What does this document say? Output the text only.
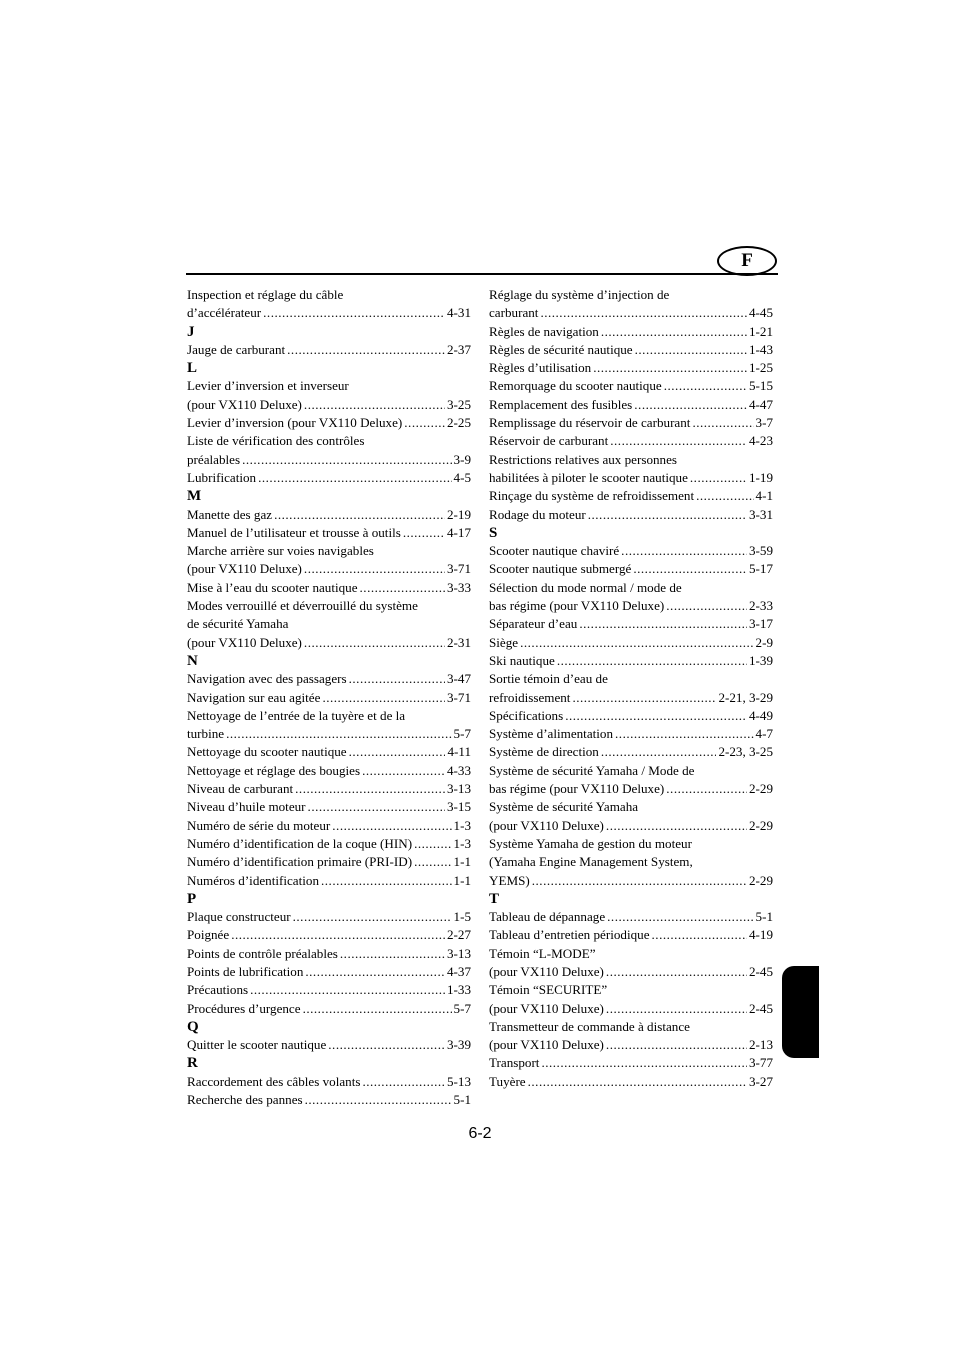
F
Inspection et réglage du câble
d’accélérateur .....	4-31
J
Jauge de carburant .....	2-37
L
Levier d’inversion et inverseur
(pour VX110 Deluxe) .....	3-25
Levier d’inversion (pour VX110 Deluxe) .....	2-25
Liste de vérification des contrôles
préalables .....	3-9
Lubrification .....	4-5
M
Manette des gaz .....	2-19
Manuel de l’utilisateur et trousse à outils .....	4-17
Marche arrière sur voies navigables
(pour VX110 Deluxe) .....	3-71
Mise à l’eau du scooter nautique .....	3-33
Modes verrouillé et déverrouillé du système
de sécurité Yamaha
(pour VX110 Deluxe) .....	2-31
N
Navigation avec des passagers .....	3-47
Navigation sur eau agitée .....	3-71
Nettoyage de l’entrée de la tuyère et de la
turbine .....	5-7
Nettoyage du scooter nautique .....	4-11
Nettoyage et réglage des bougies .....	4-33
Niveau de carburant .....	3-13
Niveau d’huile moteur .....	3-15
Numéro de série du moteur .....	1-3
Numéro d’identification de la coque (HIN) .....	1-3
Numéro d’identification primaire (PRI-ID) .....	1-1
Numéros d’identification .....	1-1
P
Plaque constructeur .....	1-5
Poignée .....	2-27
Points de contrôle préalables .....	3-13
Points de lubrification .....	4-37
Précautions .....	1-33
Procédures d’urgence .....	5-7
Q
Quitter le scooter nautique .....	3-39
R
Raccordement des câbles volants .....	5-13
Recherche des pannes .....	5-1
Réglage du système d’injection de
carburant .....	4-45
Règles de navigation .....	1-21
Règles de sécurité nautique .....	1-43
Règles d’utilisation .....	1-25
Remorquage du scooter nautique .....	5-15
Remplacement des fusibles .....	4-47
Remplissage du réservoir de carburant .....	3-7
Réservoir de carburant .....	4-23
Restrictions relatives aux personnes
habilitées à piloter le scooter nautique .....	1-19
Rinçage du système de refroidissement .....	4-1
Rodage du moteur .....	3-31
S
Scooter nautique chaviré .....	3-59
Scooter nautique submergé .....	5-17
Sélection du mode normal / mode de
bas régime (pour VX110 Deluxe) .....	2-33
Séparateur d’eau .....	3-17
Siège .....	2-9
Ski nautique .....	1-39
Sortie témoin d’eau de
refroidissement .....	2-21, 3-29
Spécifications .....	4-49
Système d’alimentation .....	4-7
Système de direction .....	2-23, 3-25
Système de sécurité Yamaha / Mode de
bas régime (pour VX110 Deluxe) .....	2-29
Système de sécurité Yamaha
(pour VX110 Deluxe) .....	2-29
Système Yamaha de gestion du moteur
(Yamaha Engine Management System,
YEMS) .....	2-29
T
Tableau de dépannage .....	5-1
Tableau d’entretien périodique .....	4-19
Témoin “L-MODE”
(pour VX110 Deluxe) .....	2-45
Témoin “SECURITE”
(pour VX110 Deluxe) .....	2-45
Transmetteur de commande à distance
(pour VX110 Deluxe) .....	2-13
Transport .....	3-77
Tuyère .....	3-27
6-2
